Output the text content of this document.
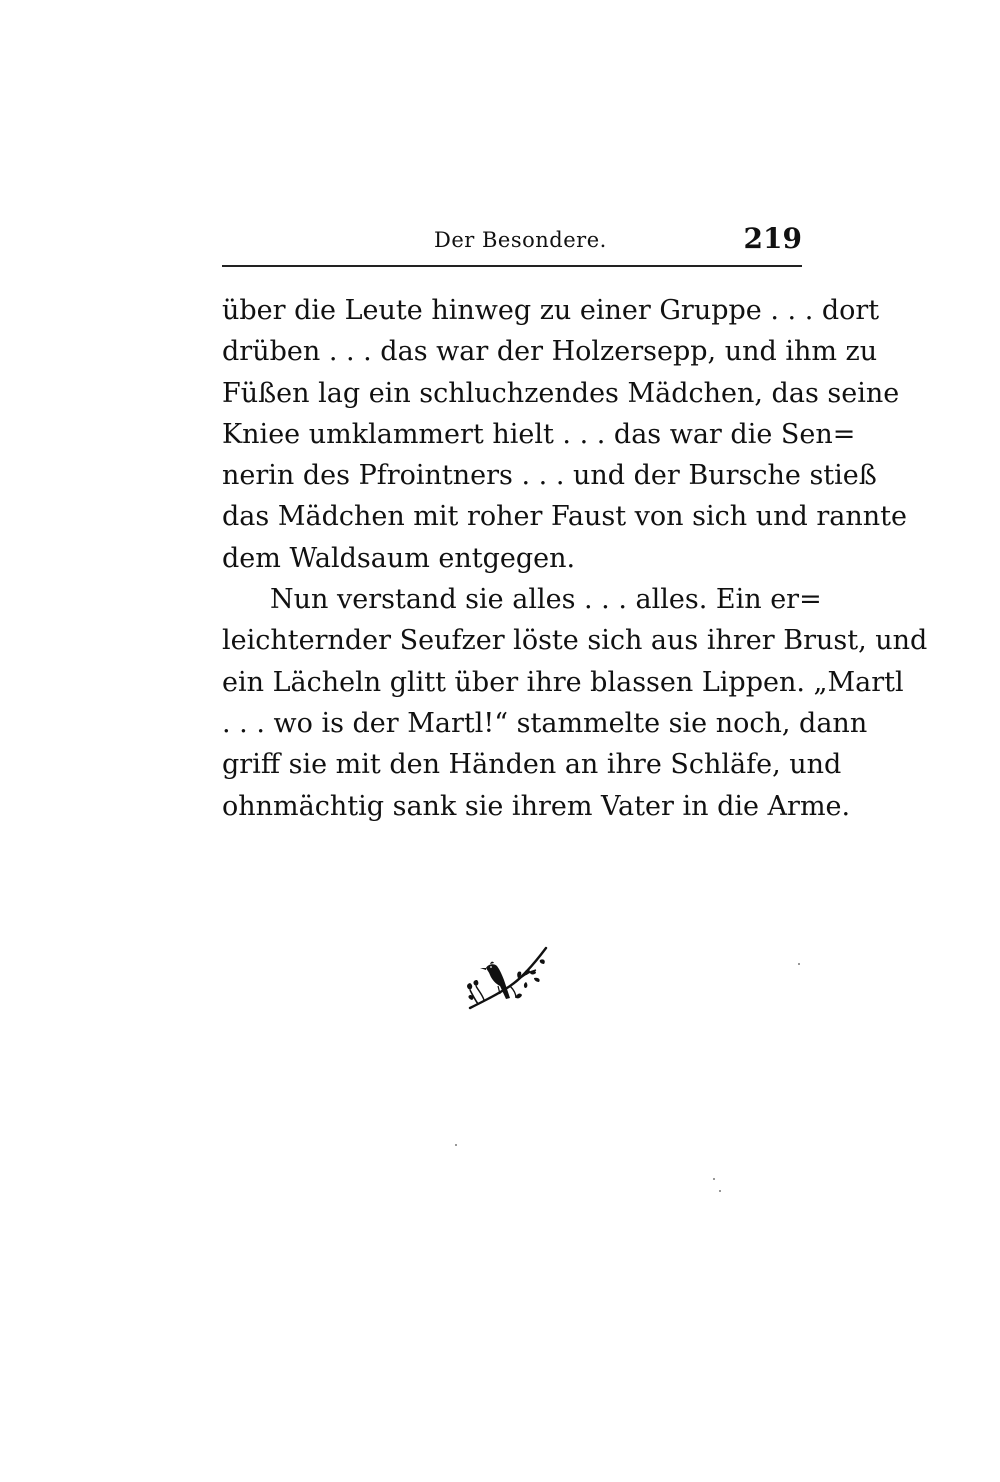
Der Besondere.	219
über die Leute hinweg zu einer Gruppe . . . dort
drüben . . . das war der Holzersepp, und ihm zu
Füßen lag ein schluchzendes Mädchen, das seine
Kniee umklammert hielt . . . das war die Sen=
nerin des Pfrointners . . . und der Bursche stieß
das Mädchen mit roher Faust von sich und rannte
dem Waldsaum entgegen.
Nun verstand sie alles . . . alles. Ein er=
leichternder Seufzer löste sich aus ihrer Brust, und
ein Lächeln glitt über ihre blassen Lippen. „Martl
. . . wo is der Martl!“ stammelte sie noch, dann
griff sie mit den Händen an ihre Schläfe, und
ohnmächtig sank sie ihrem Vater in die Arme.
